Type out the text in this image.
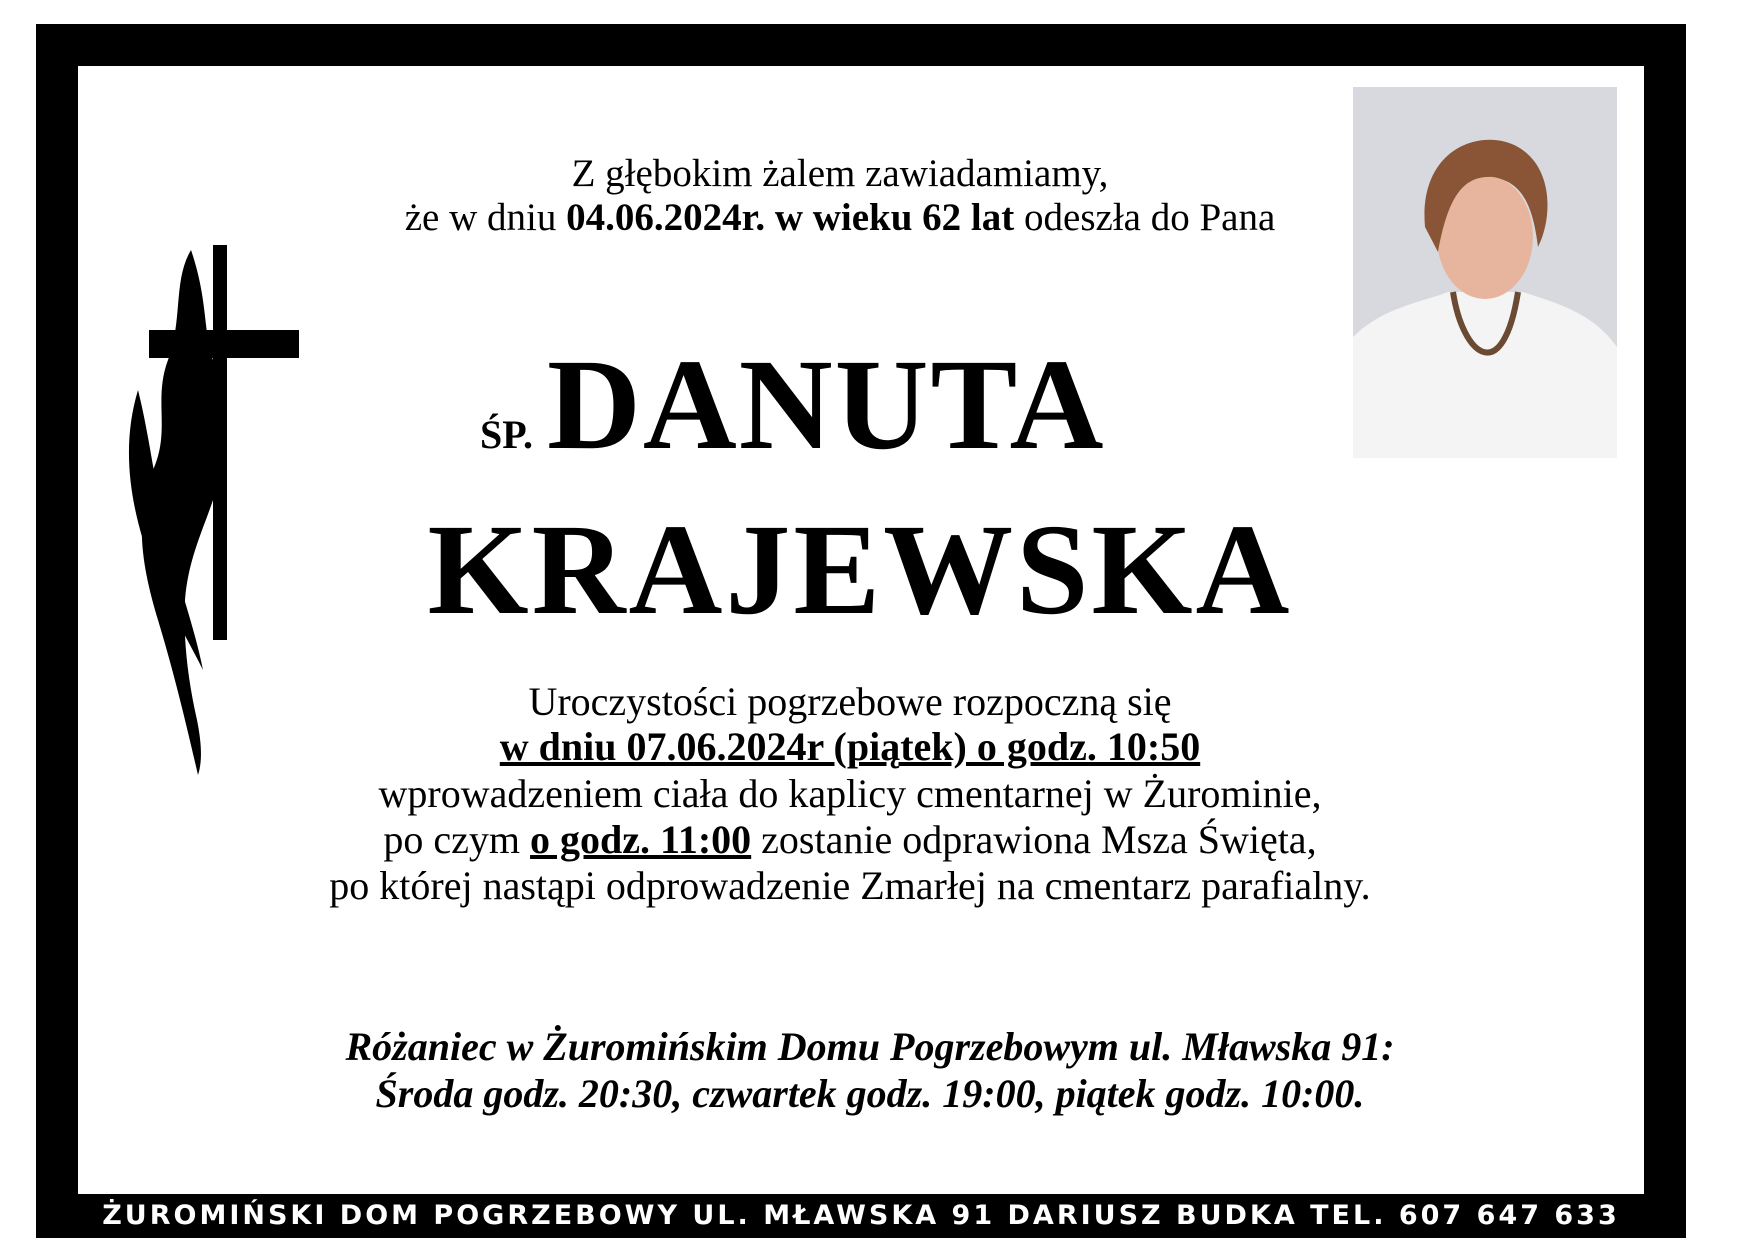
Z głębokim żalem zawiadamiamy,
że w dniu 04.06.2024r. w wieku 62 lat odeszła do Pana
ŚP. DANUTA
KRAJEWSKA
Uroczystości pogrzebowe rozpoczną się
w dniu 07.06.2024r (piątek) o godz. 10:50
wprowadzeniem ciała do kaplicy cmentarnej w Żurominie,
po czym o godz. 11:00 zostanie odprawiona Msza Święta,
po której nastąpi odprowadzenie Zmarłej na cmentarz parafialny.
Różaniec w Żuromińskim Domu Pogrzebowym ul. Mławska 91:
Środa godz. 20:30, czwartek godz. 19:00, piątek godz. 10:00.
ŻUROMIŃSKI DOM POGRZEBOWY UL. MŁAWSKA 91 DARIUSZ BUDKA TEL. 607 647 633
